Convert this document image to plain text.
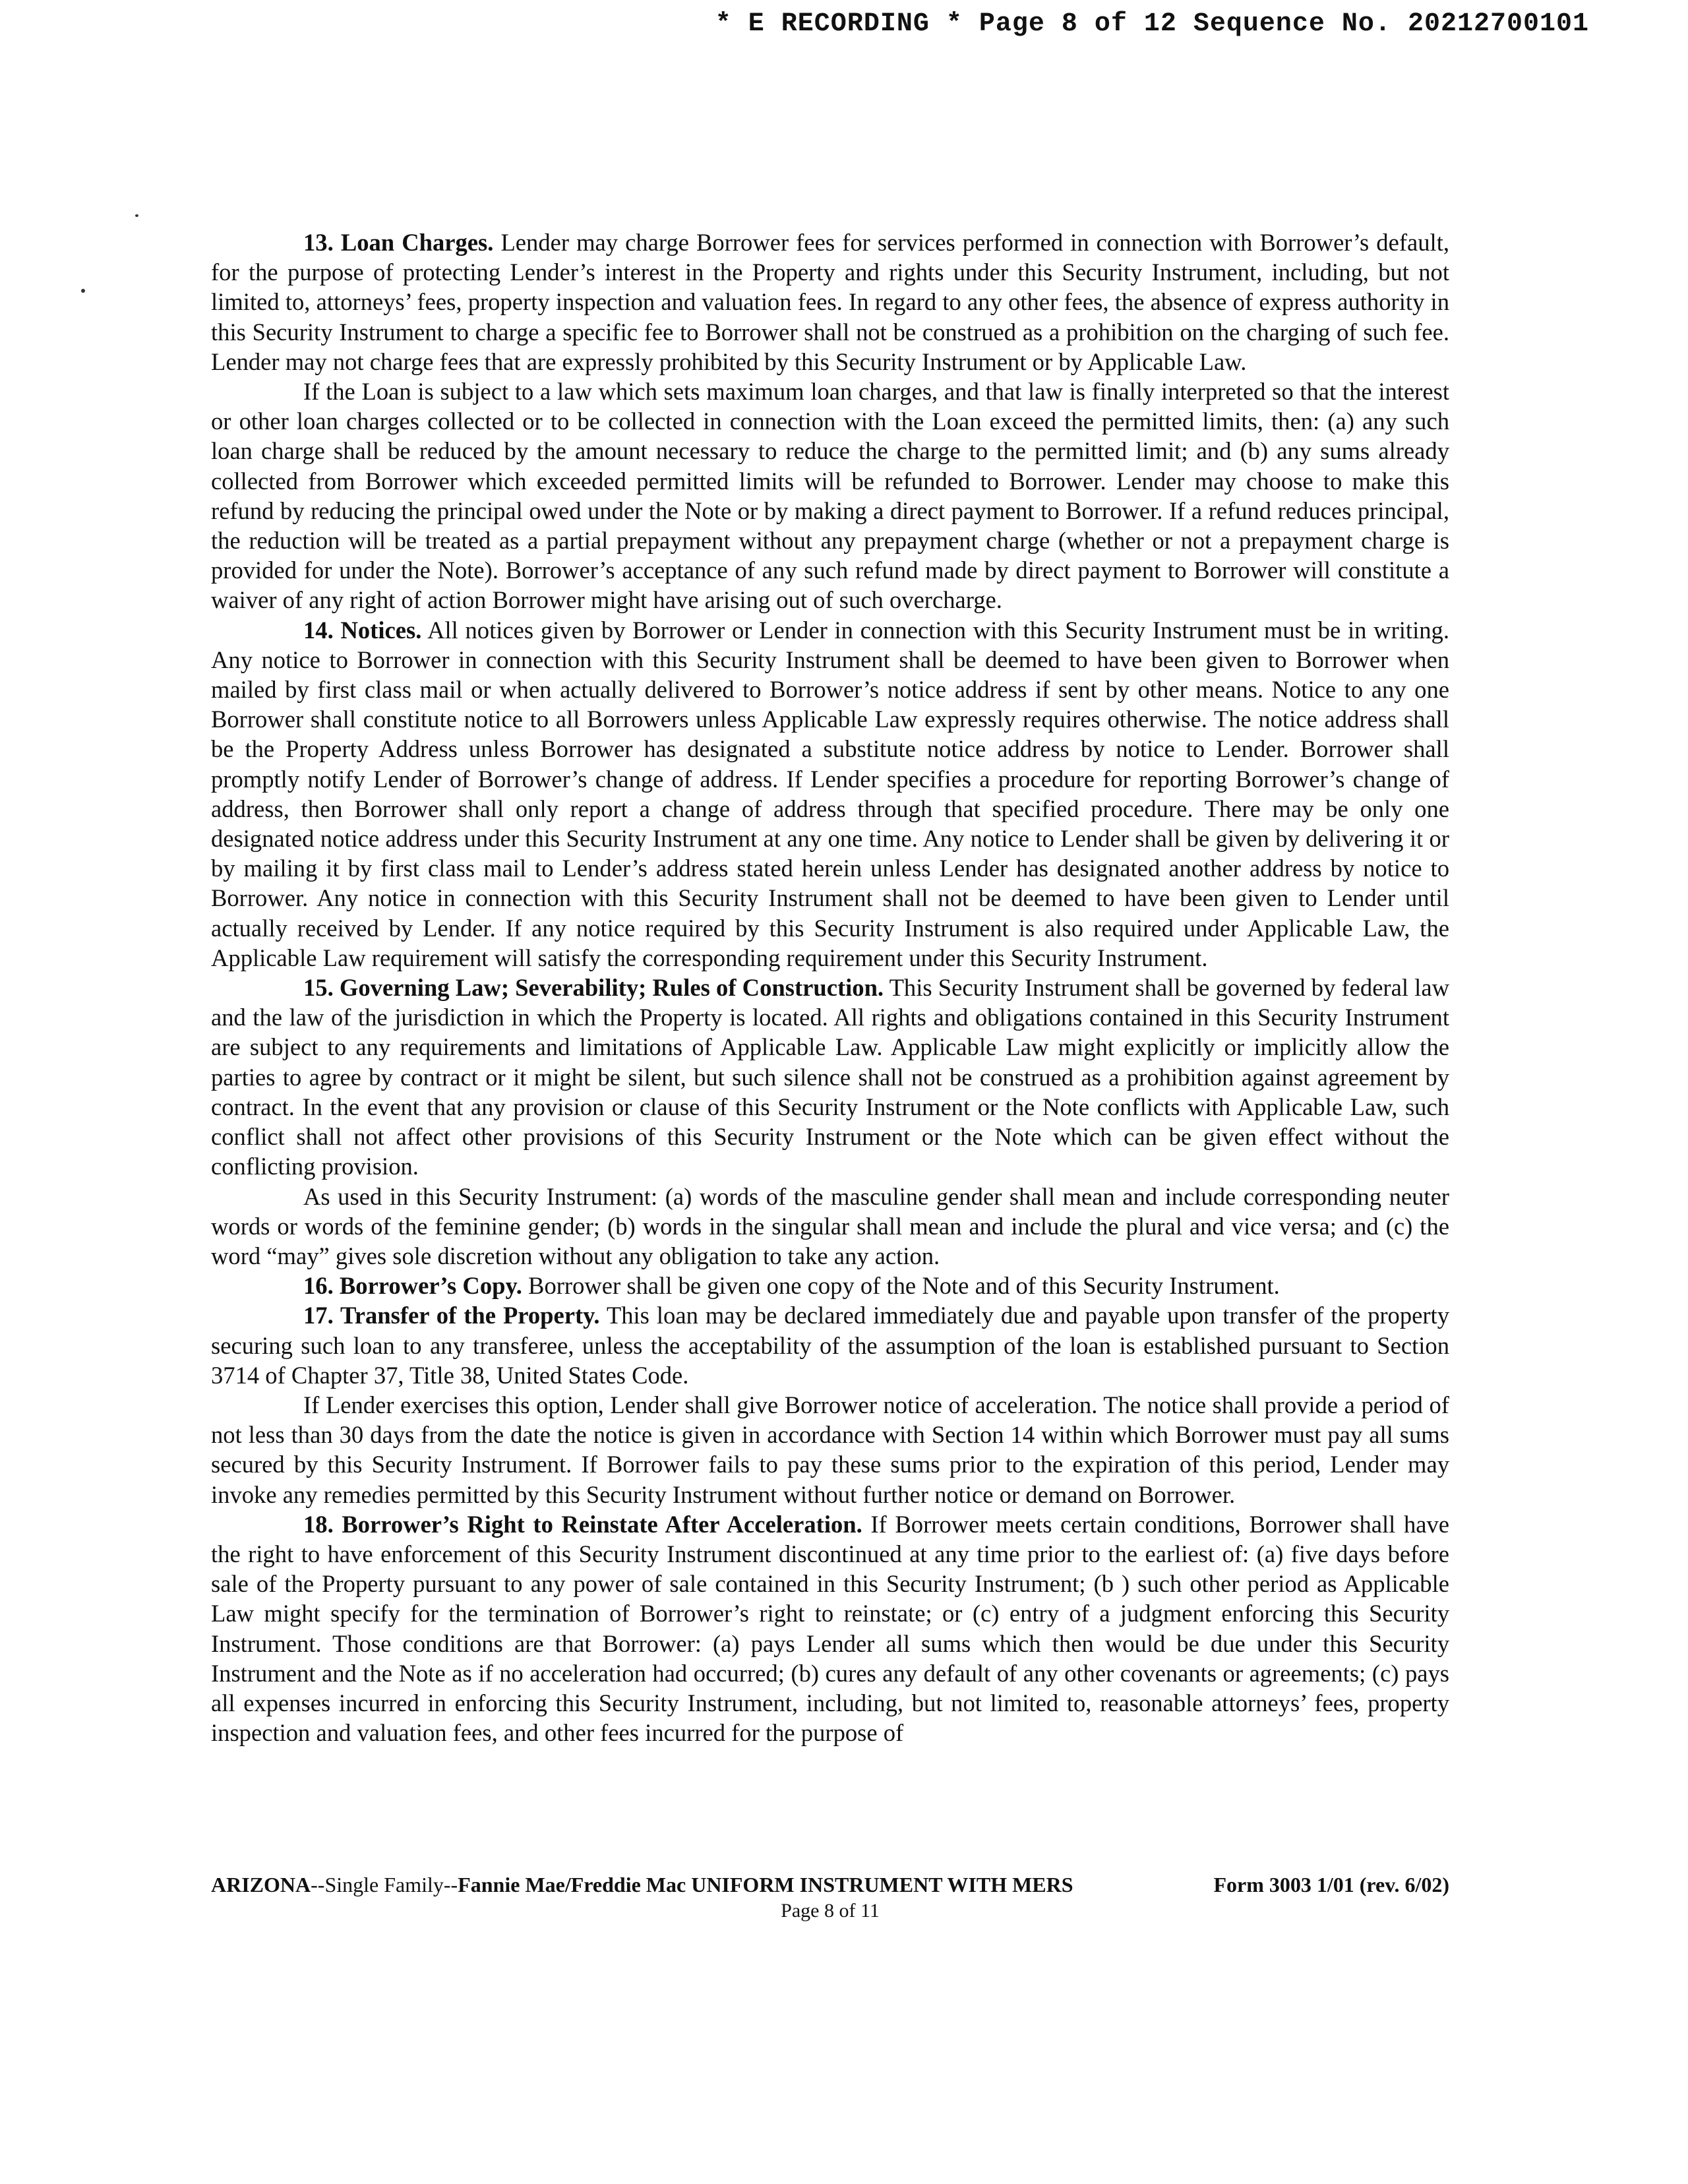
* E RECORDING * Page 8 of 12 Sequence No. 20212700101

13. Loan Charges. Lender may charge Borrower fees for services performed in connection with Borrower’s default, for the purpose of protecting Lender’s interest in the Property and rights under this Security Instrument, including, but not limited to, attorneys’ fees, property inspection and valuation fees. In regard to any other fees, the absence of express authority in this Security Instrument to charge a specific fee to Borrower shall not be construed as a prohibition on the charging of such fee. Lender may not charge fees that are expressly prohibited by this Security Instrument or by Applicable Law.

If the Loan is subject to a law which sets maximum loan charges, and that law is finally interpreted so that the interest or other loan charges collected or to be collected in connection with the Loan exceed the permitted limits, then: (a) any such loan charge shall be reduced by the amount necessary to reduce the charge to the permitted limit; and (b) any sums already collected from Borrower which exceeded permitted limits will be refunded to Borrower. Lender may choose to make this refund by reducing the principal owed under the Note or by making a direct payment to Borrower. If a refund reduces principal, the reduction will be treated as a partial prepayment without any prepayment charge (whether or not a prepayment charge is provided for under the Note). Borrower’s acceptance of any such refund made by direct payment to Borrower will constitute a waiver of any right of action Borrower might have arising out of such overcharge.

14. Notices. All notices given by Borrower or Lender in connection with this Security Instrument must be in writing. Any notice to Borrower in connection with this Security Instrument shall be deemed to have been given to Borrower when mailed by first class mail or when actually delivered to Borrower’s notice address if sent by other means. Notice to any one Borrower shall constitute notice to all Borrowers unless Applicable Law expressly requires otherwise. The notice address shall be the Property Address unless Borrower has designated a substitute notice address by notice to Lender. Borrower shall promptly notify Lender of Borrower’s change of address. If Lender specifies a procedure for reporting Borrower’s change of address, then Borrower shall only report a change of address through that specified procedure. There may be only one designated notice address under this Security Instrument at any one time. Any notice to Lender shall be given by delivering it or by mailing it by first class mail to Lender’s address stated herein unless Lender has designated another address by notice to Borrower. Any notice in connection with this Security Instrument shall not be deemed to have been given to Lender until actually received by Lender. If any notice required by this Security Instrument is also required under Applicable Law, the Applicable Law requirement will satisfy the corresponding requirement under this Security Instrument.

15. Governing Law; Severability; Rules of Construction. This Security Instrument shall be governed by federal law and the law of the jurisdiction in which the Property is located. All rights and obligations contained in this Security Instrument are subject to any requirements and limitations of Applicable Law. Applicable Law might explicitly or implicitly allow the parties to agree by contract or it might be silent, but such silence shall not be construed as a prohibition against agreement by contract. In the event that any provision or clause of this Security Instrument or the Note conflicts with Applicable Law, such conflict shall not affect other provisions of this Security Instrument or the Note which can be given effect without the conflicting provision.

As used in this Security Instrument: (a) words of the masculine gender shall mean and include corresponding neuter words or words of the feminine gender; (b) words in the singular shall mean and include the plural and vice versa; and (c) the word “may” gives sole discretion without any obligation to take any action.

16. Borrower’s Copy. Borrower shall be given one copy of the Note and of this Security Instrument.

17. Transfer of the Property. This loan may be declared immediately due and payable upon transfer of the property securing such loan to any transferee, unless the acceptability of the assumption of the loan is established pursuant to Section 3714 of Chapter 37, Title 38, United States Code.

If Lender exercises this option, Lender shall give Borrower notice of acceleration. The notice shall provide a period of not less than 30 days from the date the notice is given in accordance with Section 14 within which Borrower must pay all sums secured by this Security Instrument. If Borrower fails to pay these sums prior to the expiration of this period, Lender may invoke any remedies permitted by this Security Instrument without further notice or demand on Borrower.

18. Borrower’s Right to Reinstate After Acceleration. If Borrower meets certain conditions, Borrower shall have the right to have enforcement of this Security Instrument discontinued at any time prior to the earliest of: (a) five days before sale of the Property pursuant to any power of sale contained in this Security Instrument; (b ) such other period as Applicable Law might specify for the termination of Borrower’s right to reinstate; or (c) entry of a judgment enforcing this Security Instrument. Those conditions are that Borrower: (a) pays Lender all sums which then would be due under this Security Instrument and the Note as if no acceleration had occurred; (b) cures any default of any other covenants or agreements; (c) pays all expenses incurred in enforcing this Security Instrument, including, but not limited to, reasonable attorneys’ fees, property inspection and valuation fees, and other fees incurred for the purpose of

ARIZONA--Single Family--Fannie Mae/Freddie Mac UNIFORM INSTRUMENT WITH MERS	Form 3003 1/01 (rev. 6/02)
Page 8 of 11
